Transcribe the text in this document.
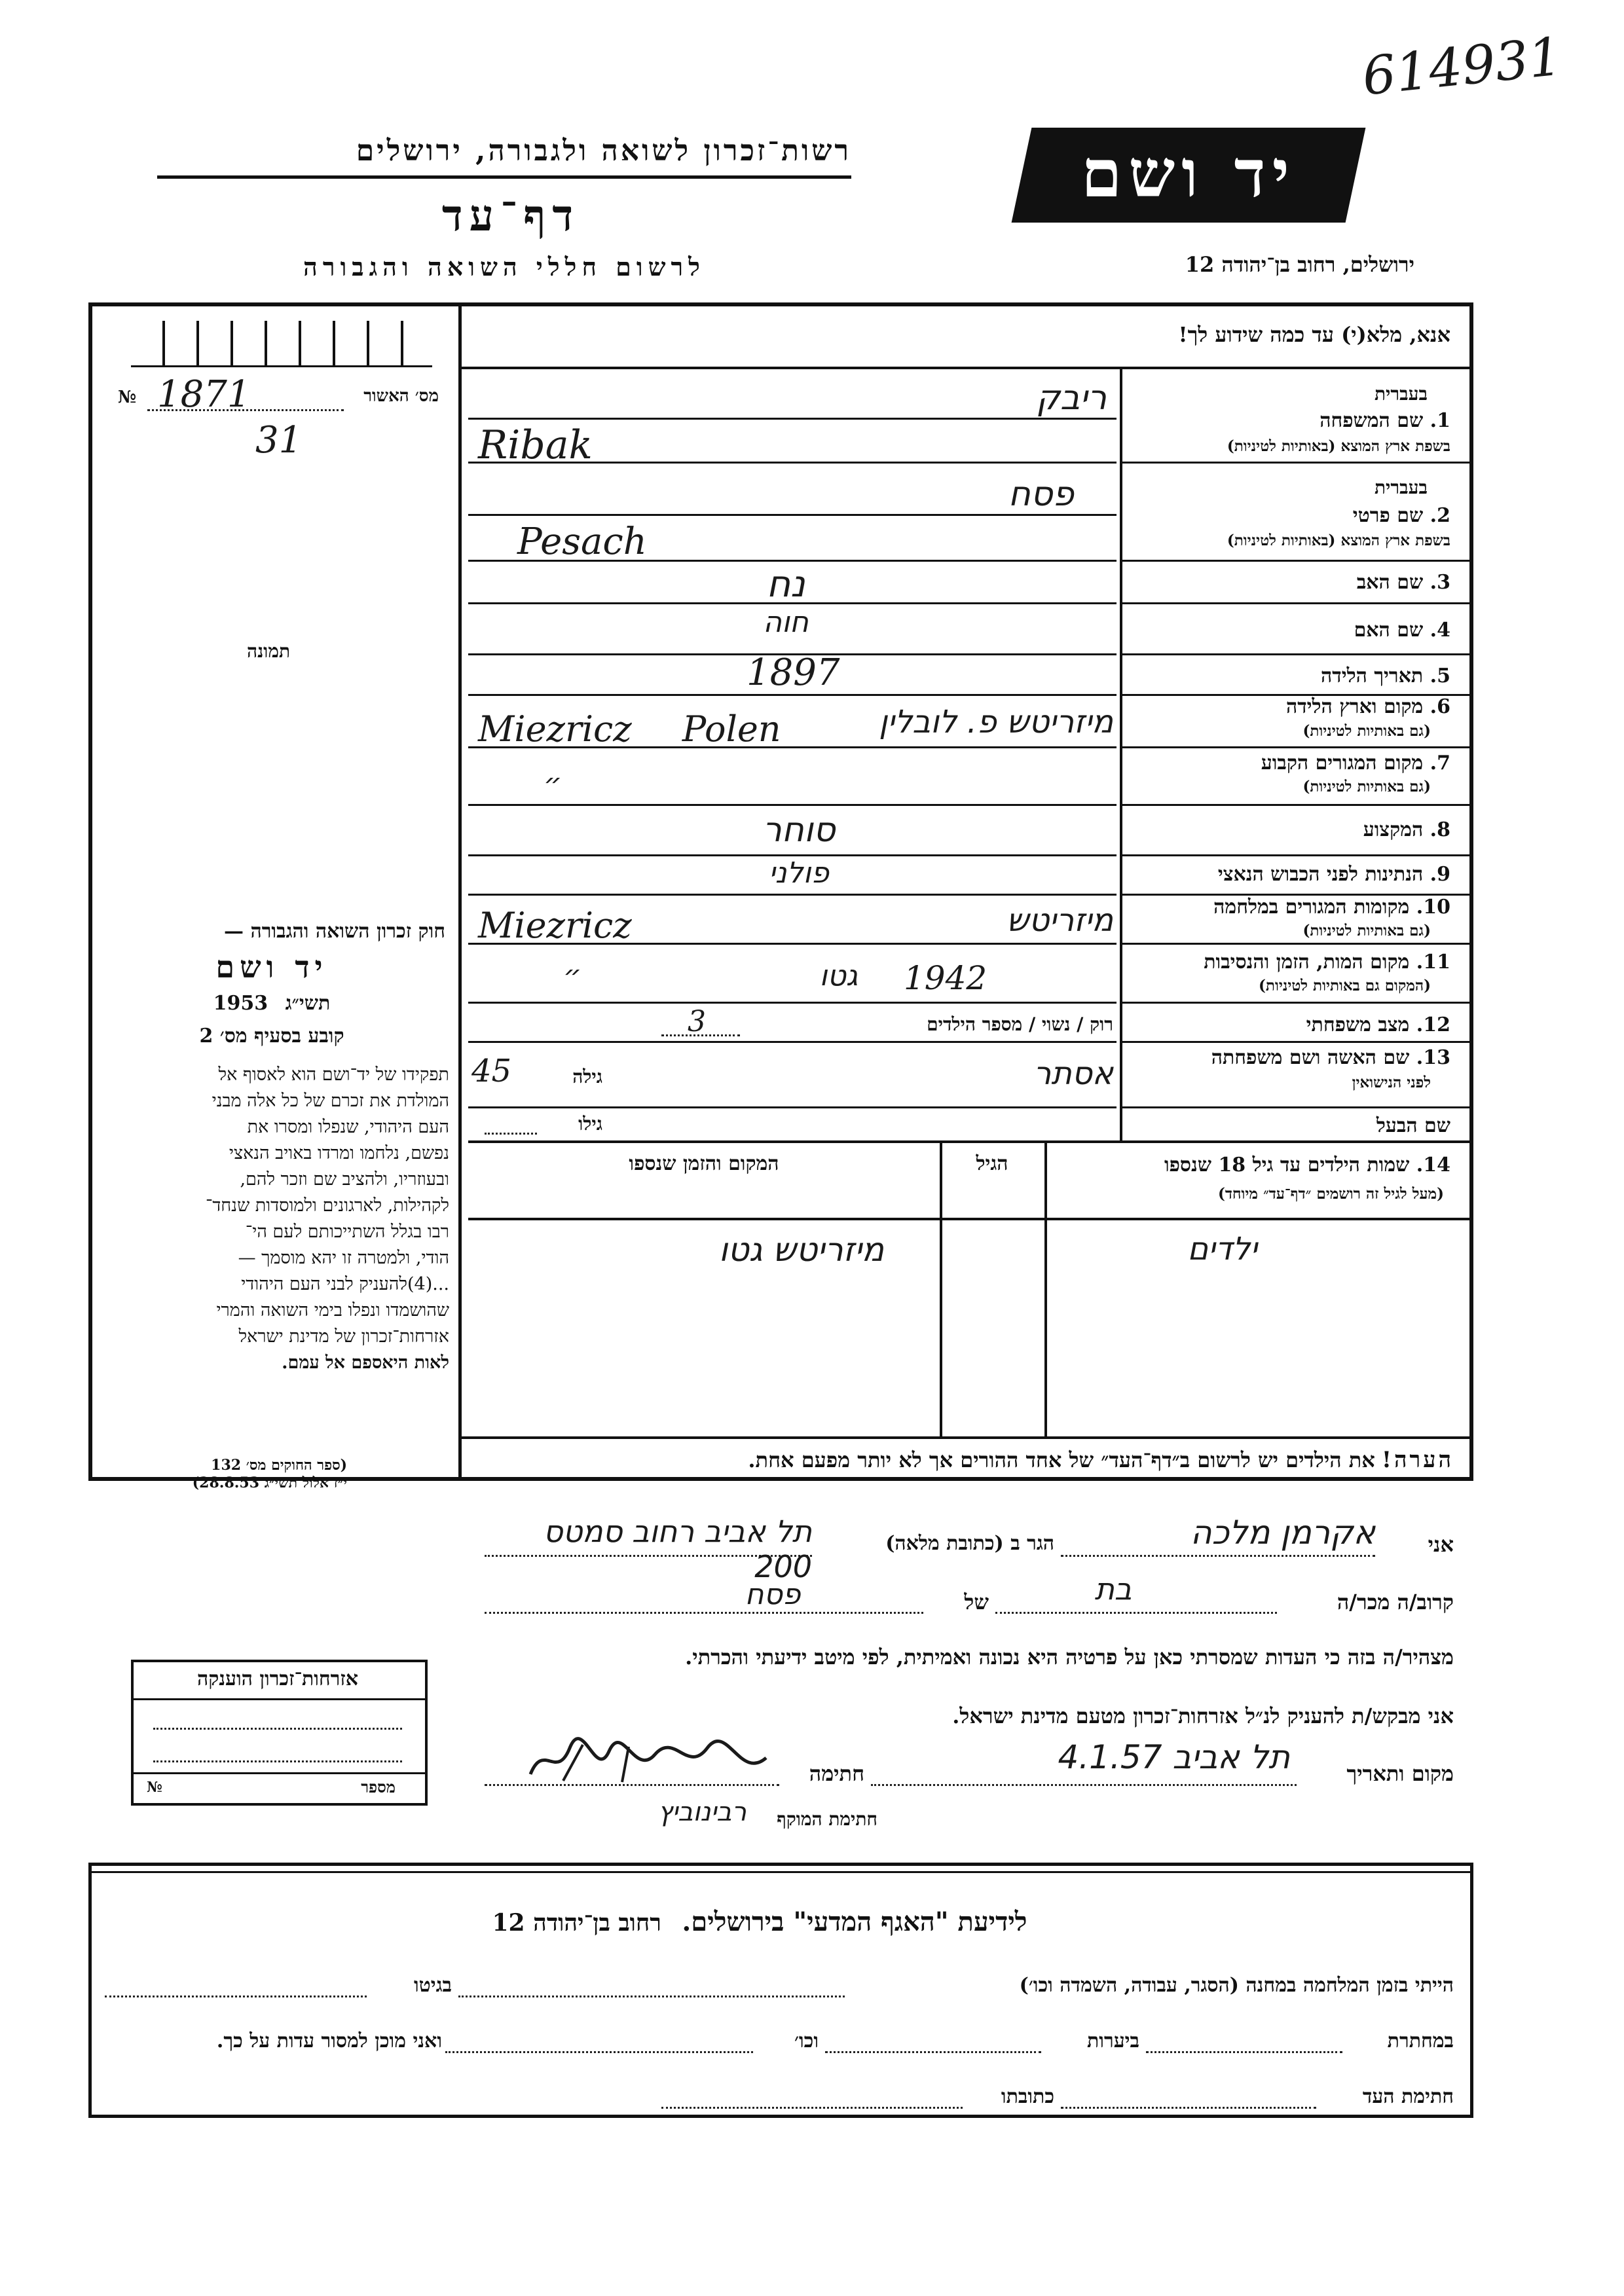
614931
רשות־זכרון לשואה ולגבורה, ירושלים
דף־עד
לרשום חללי השואה והגבורה
יד ושם
ירושלים, רחוב בן־יהודה 12
מס׳ האשור
№ 1871
31
תמונה
חוק זכרון השואה והגבורה —
יד ושם
תשי״ג 1953
קובע בסעיף מס׳ 2
תפקידו של יד־ושם הוא לאסוף אל
המולדת את זכרם של כל אלה מבני
העם היהודי, שנפלו ומסרו את
נפשם, נלחמו ומרדו באויב הנאצי
ובעוזריו, ולהציב שם וזכר להם,
לקהילות, לארגונים ולמוסדות שנחד־
רבו בגלל השתייכותם לעם הי־
הודי, ולמטרה זו יהא מוסמך —
...(4)להעניק לבני העם היהודי
שהושמדו ונפלו בימי השואה והמרי
אזרחות־זכרון של מדינת ישראל
לאות היאספם אל עמם.
(ספר החוקים מס׳ 132
י״ז אלול תשי״ג 28.8.53)
אזרחות־זכרון הוענקה
№	מספר
אנא, מלא(י) עד כמה שידוע לך!
בעברית
1. שם המשפחה
בשפת ארץ המוצא (באותיות לטיניות)
ריבק
Ribak
בעברית
2. שם פרטי
בשפת ארץ המוצא (באותיות לטיניות)
פסח
Pesach
3. שם האב
נח
4. שם האם
חוה
5. תאריך הלידה
1897
6. מקום וארץ הלידה
(גם באותיות לטיניות)
מיזריטש פ. לובלין
Miezricz Polen
7. מקום המגורים הקבוע
(גם באותיות לטיניות)
״
8. המקצוע
סוחר
9. הנתינות לפני הכבוש הנאצי
פולני
10. מקומות המגורים במלחמה
(גם באותיות לטיניות)
מיזריטש
Miezricz
11. מקום המות, הזמן והנסיבות
(המקום גם באותיות לטיניות)
״	גטו 1942
12. מצב משפחתי
רוק / נשוי / מספר הילדים
3
13. שם האשה ושם משפחתה
לפני הנישואין
אסתר
גילה
45
שם הבעל
גילו
14. שמות הילדים עד גיל 18 שנספו
(מעל לגיל זה רושמים ״דף־עד״ מיוחד)
הגיל
המקום והזמן שנספו
ילדים
מיזריטש גטו
הערה! את הילדים יש לרשום ב״דף־העד״ של אחד ההורים אך לא יותר מפעם אחת.
אני
אקרמן מלכה
הגר ב (כתובת מלאה)
תל אביב רחוב סמטס 200
קרוב/ה מכר/ה
בת
של
פסח
מצהיר/ה בזה כי העדות שמסרתי כאן על פרטיה היא נכונה ואמיתית, לפי מיטב ידיעתי והכרתי.
אני מבקש/ת להעניק לנ״ל אזרחות־זכרון מטעם מדינת ישראל.
מקום ותאריך
תל אביב 4.1.57
חתימה
חתימת המוקף
רבינוביץ
לידיעת "האגף המדעי" בירושלים. רחוב בן־יהודה 12
הייתי בזמן המלחמה במחנה (הסגר, עבודה, השמדה וכו׳)
בגיטו
במחתרת
ביערות
וכו׳
ואני מוכן למסור עדות על כך.
חתימת העד
כתובתו
